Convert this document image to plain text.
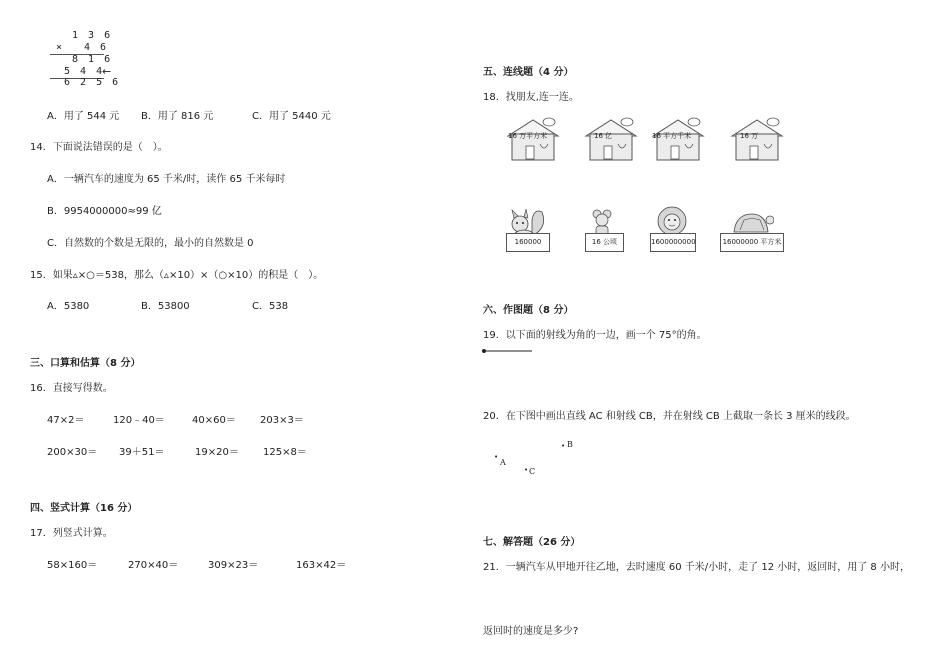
1 3 6
× 4 6
8 1 6
5 4 4
←
6 2 5 6
A．用了 544 元 B．用了 816 元	C．用了 5440 元
14．下面说法错误的是（　）。
A．一辆汽车的速度为 65 千米/时，读作 65 千米每时
B．9954000000≈99 亿
C．自然数的个数是无限的，最小的自然数是 0
15．如果▵×○＝538，那么（▵×10）×（○×10）的积是（　）。
A．5380	B．53800	C．538
三、口算和估算（8 分）
16．直接写得数。
47×2＝	120﹣40＝	40×60＝ 203×3＝
200×30＝ 39＋51＝	19×20＝ 125×8＝
四、竖式计算（16 分）
17．列竖式计算。
58×160＝	270×40＝	309×23＝	163×42＝
五、连线题（4 分）
18．找朋友,连一连。
16 万平方米	16 亿	16 平方千米	16 万
160000	16 公顷	1600000000	16000000 平方米
六、作图题（8 分）
19．以下面的射线为角的一边，画一个 75°的角。
20．在下图中画出直线 AC 和射线 CB，并在射线 CB 上截取一条长 3 厘米的线段。
• B
•
A
• C
七、解答题（26 分）
21．一辆汽车从甲地开往乙地，去时速度 60 千米/小时，走了 12 小时，返回时，用了 8 小时，
返回时的速度是多少?
